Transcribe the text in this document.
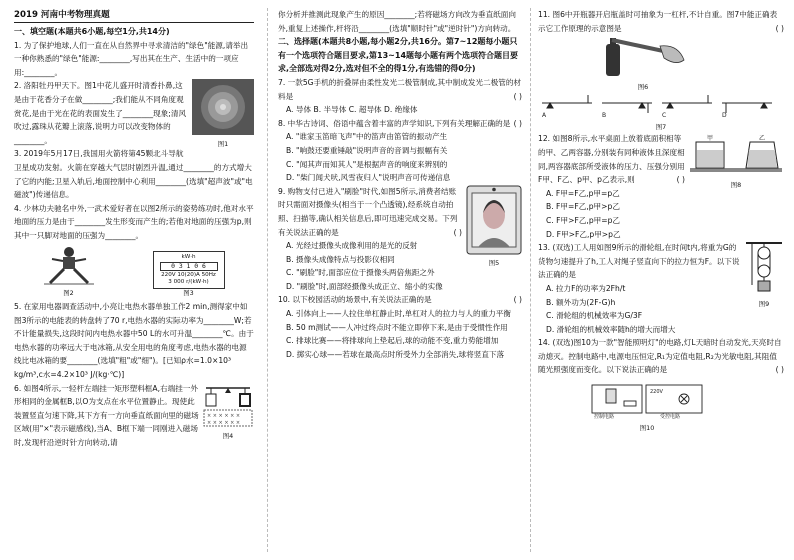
2019 河南中考物理真题
一、填空题(本题共6小题,每空1分,共14分)

1. 为了保护地球,人们一直在从自然界中寻求清洁的"绿色"能源,请举出一种你熟悉的"绿色"能源:________,写出其在生产、生活中的一项应用:________。

图1

2. 洛阳牡丹甲天下。图1中花儿盛开时清香扑鼻,这是由于花香分子在做________;我们能从不同角度观赏花,是由于光在花的表面发生了________现象;清风吹过,露珠从花瓣上滚落,说明力可以改变物体的________。

3. 2019年5月17日,我国用火箭将第45颗北斗导航卫星成功发射。火箭在穿越大气层时剧烈升温,通过________的方式增大了它的内能;卫星入轨后,地面控制中心利用________(选填"超声波"或"电磁波")传递信息。

4. 少林功夫驰名中外,一武术爱好者在以图2所示的姿势练功时,他对水平地面的压力是由于________发生形变而产生的;若他对地面的压强为p,则其中一只脚对地面的压强为________。

图2
kW·h
0 3 1 0 6
220V 10(20)A 50Hz
3 000 r/(kW·h)
图3

5. 在家用电器调查活动中,小亮让电热水器单独工作2 min,测得家中如图3所示的电能表的转盘转了70 r,电热水器的实际功率为________W;若不计能量损失,这段时间内电热水器中50 L的水可升温________℃。由于电热水器的功率远大于电冰箱,从安全用电的角度考虑,电热水器的电源线比电冰箱的要________(选填"粗"或"细")。[已知ρ水=1.0×10³ kg/m³,c水=4.2×10³ J/(kg·℃)]

× × × × × ×
× × × × × ×
图4

6. 如图4所示,一轻杆左端挂一矩形塑料框A,右端挂一外形相同的金属框B,以O为支点在水平位置静止。现使此装置竖直匀速下降,其下方有一方向垂直纸面向里的磁场区域(用"×"表示磁感线),当A、B框下端一同刚进入磁场时,发现杆沿逆时针方向转动,请

你分析并推测此现象产生的原因________;若将磁场方向改为垂直纸面向外,重复上述操作,杆将沿________(选填"顺时针"或"逆时针")方向转动。

二、选择题(本题共8小题,每小题2分,共16分。第7~12题每小题只有一个选项符合题目要求,第13~14题每小题有两个选项符合题目要求,全部选对得2分,选对但不全的得1分,有选错的得0分)

7. 一款5G手机的折叠屏由柔性发光二极管制成,其中制成发光二极管的材料是	( )

A. 导体 B. 半导体 C. 超导体 D. 绝缘体

8. 中华古诗词、俗语中蕴含着丰富的声学知识,下列有关理解正确的是 ( )

A. "谁家玉笛暗飞声"中的笛声由笛管的振动产生

B. "响鼓还要重锤敲"说明声音的音调与振幅有关

C. "闻其声而知其人"是根据声音的响度来辨别的

D. "柴门闻犬吠,风雪夜归人"说明声音可传递信息

图5

9. 购物支付已进入"刷脸"时代,如图5所示,消费者结账时只需面对摄像头(相当于一个凸透镜),经系统自动拍照、扫描等,确认相关信息后,即可迅速完成交易。下列有关说法正确的是	( )

A. 光经过摄像头成像利用的是光的反射

B. 摄像头成像特点与投影仪相同

C. "刷脸"时,面部应位于摄像头两倍焦距之外

D. "刷脸"时,面部经摄像头成正立、缩小的实像

10. 以下校园活动的场景中,有关说法正确的是	( )

A. 引体向上——人拉住单杠静止时,单杠对人的拉力与人的重力平衡

B. 50 m测试——人冲过终点时不能立即停下来,是由于受惯性作用

C. 排球比赛——将排球向上垫起后,球的动能不变,重力势能增加

D. 掷实心球——若球在最高点时所受外力全部消失,球将竖直下落

11. 图6中开瓶器开启瓶盖时可抽象为一杠杆,不计自重。图7中能正确表示它工作原理的示意图是	( )

图6
A	B	C	D
图7
甲	乙
图8

12. 如图8所示,水平桌面上放着底面积相等的甲、乙两容器,分别装有同种液体且深度相同,两容器底部所受液体的压力、压强分别用F甲、F乙、p甲、p乙表示,则	( )

A. F甲=F乙,p甲=p乙

B. F甲=F乙,p甲>p乙

C. F甲>F乙,p甲=p乙

D. F甲>F乙,p甲>p乙

图9

13. (双选)工人用如图9所示的滑轮组,在时间t内,将重为G的货物匀速提升了h,工人对绳子竖直向下的拉力恒为F。以下说法正确的是

A. 拉力F的功率为2Fh/t

B. 额外功为(2F-G)h

C. 滑轮组的机械效率为G/3F

D. 滑轮组的机械效率随h的增大而增大

14. (双选)图10为一款"智能照明灯"的电路,灯L天暗时自动发光,天亮时自动熄灭。控制电路中,电源电压恒定,R₁为定值电阻,R₂为光敏电阻,其阻值随光照强度而变化。以下说法正确的是	( )

控制电路	受控电路
220V
图10
